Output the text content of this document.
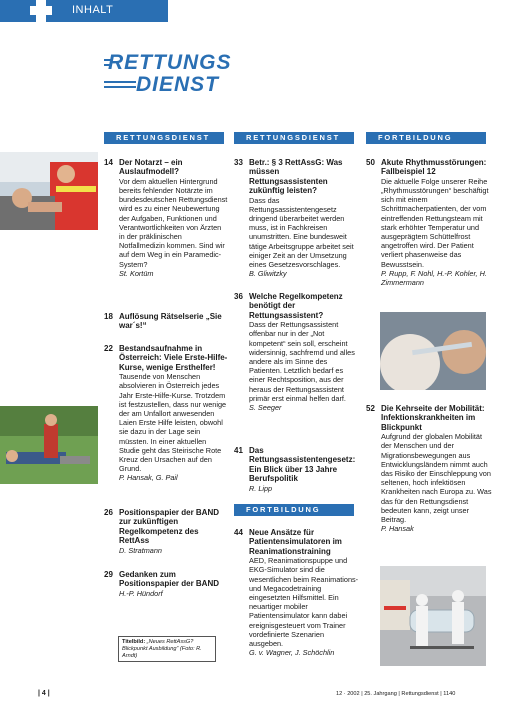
INHALT
RETTUNGS
DIENST
RETTUNGSDIENST	RETTUNGSDIENST	FORTBILDUNG
FORTBILDUNG
14 Der Notarzt – ein Auslaufmodell?
Vor dem aktuellen Hintergrund bereits fehlender Notärzte im bundesdeutschen Rettungsdienst wird es zu einer Neubewertung der Aufgaben, Funktionen und Verantwortlichkeiten von Ärzten in der präklinischen Notfallmedizin kommen. Sind wir auf dem Weg in ein Paramedic-System?
St. Kortüm
18 Auflösung Rätselserie „Sie war´s!“
22 Bestandsaufnahme in Österreich: Viele Erste-Hilfe-Kurse, wenige Ersthelfer!
Tausende von Menschen absolvieren in Österreich jedes Jahr Erste-Hilfe-Kurse. Trotzdem ist festzustellen, dass nur wenige der am Unfallort anwesenden Laien Erste Hilfe leisten, obwohl sie dazu in der Lage sein müssten. In einer aktuellen Studie geht das Steirische Rote Kreuz den Ursachen auf den Grund.
P. Hansak, G. Pail
26 Positionspapier der BAND zur zukünftigen Regelkompetenz des RettAss
D. Stratmann
29 Gedanken zum Positionspapier der BAND
H.-P. Hündorf
Titelbild: „Neues RettAssG? Blickpunkt Ausbildung“ (Foto: R. Arndt)
33 Betr.: § 3 RettAssG: Was müssen Rettungsassistenten zukünftig leisten?
Dass das Rettungsassistentengesetz dringend überarbeitet werden muss, ist in Fachkreisen unumstritten. Eine bundesweit tätige Arbeitsgruppe arbeitet seit einiger Zeit an der Umsetzung eines Gesetzesvorschlages.
B. Gliwitzky
36 Welche Regelkompetenz benötigt der Rettungsassistent?
Dass der Rettungsassistent offenbar nur in der „Not kompetent“ sein soll, erscheint widersinnig, sachfremd und alles andere als im Sinne des Patienten. Letztlich bedarf es einer Rechtsposition, aus der heraus der Rettungsassistent primär erst einmal helfen darf.
S. Seeger
41 Das Rettungsassistentengesetz: Ein Blick über 13 Jahre Berufspolitik
R. Lipp
44 Neue Ansätze für Patientensimulatoren im Reanimationstraining
AED, Reanimationspuppe und EKG-Simulator sind die wesentlichen beim Reanimations- und Megacodetraining eingesetzten Hilfsmittel. Ein neuartiger mobiler Patientensimulator kann dabei ereignisgesteuert vom Trainer vordefinierte Szenarien ausgeben.
G. v. Wagner, J. Schöchlin
50 Akute Rhythmusstörungen: Fallbeispiel 12
Die aktuelle Folge unserer Reihe „Rhythmusstörungen“ beschäftigt sich mit einem Schrittmacherpatienten, der vom eintreffenden Rettungsteam mit stark erhöhter Temperatur und ausgeprägtem Schüttelfrost angetroffen wird. Der Patient verliert phasenweise das Bewusstsein.
P. Rupp, F. Nohl, H.-P. Kohler, H. Zimmermann
52 Die Kehrseite der Mobilität: Infektionskrankheiten im Blickpunkt
Aufgrund der globalen Mobilität der Menschen und der Migrationsbewegungen aus Entwicklungsländern nimmt auch das Risiko der Einschleppung von seltenen, hoch infektiösen Krankheiten nach Europa zu. Was das für den Rettungsdienst bedeuten kann, zeigt unser Beitrag.
P. Hansak
| 4 |	12 · 2002 | 25. Jahrgang | Rettungsdienst | 1140
